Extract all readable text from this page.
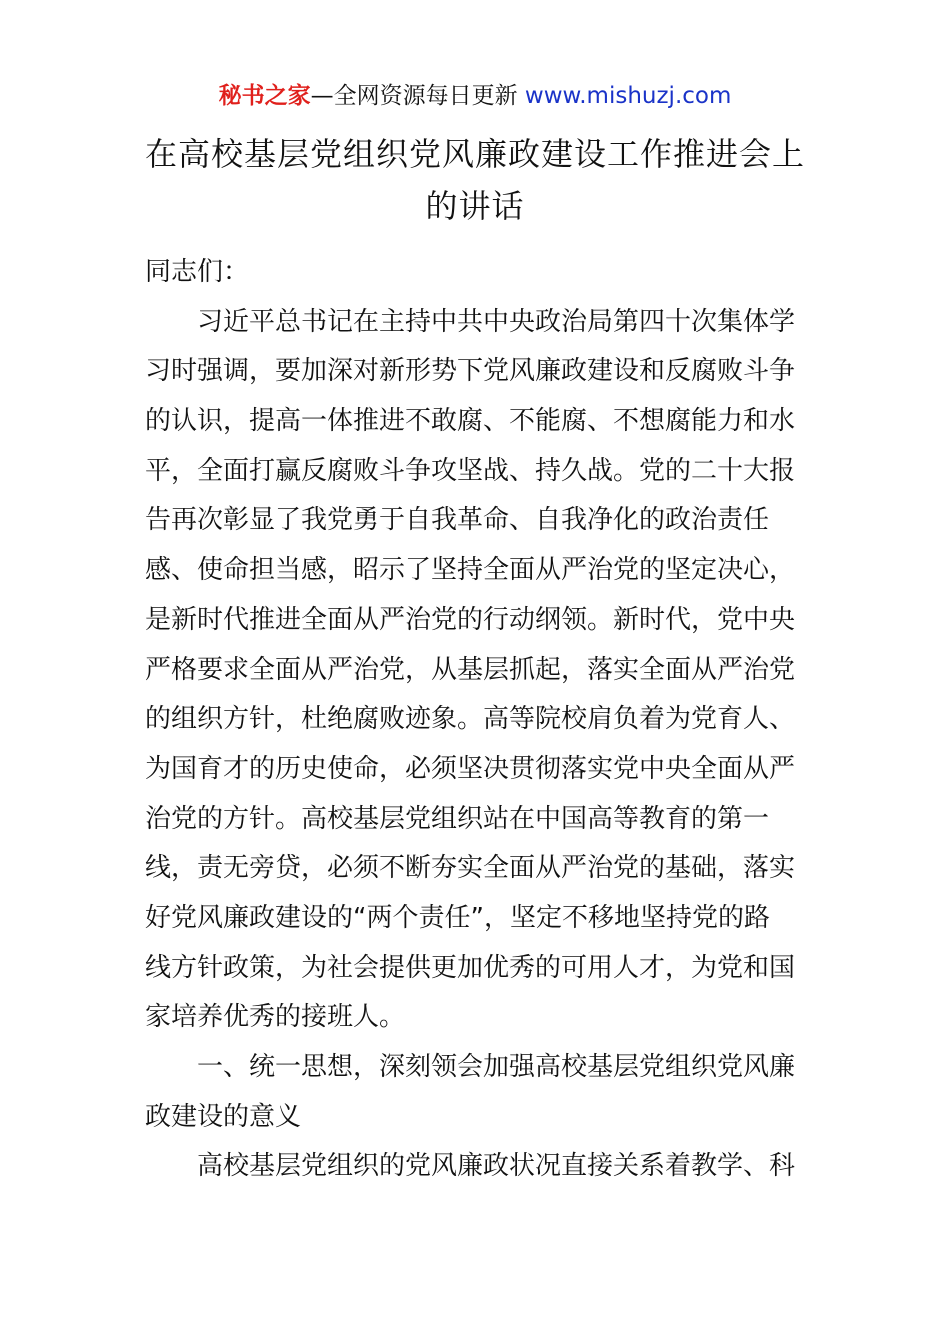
秘书之家—全网资源每日更新 www.mishuzj.com
在高校基层党组织党风廉政建设工作推进会上
的讲话
同志们：
习近平总书记在主持中共中央政治局第四十次集体学
习时强调，要加深对新形势下党风廉政建设和反腐败斗争
的认识，提高一体推进不敢腐、不能腐、不想腐能力和水
平，全面打赢反腐败斗争攻坚战、持久战。党的二十大报
告再次彰显了我党勇于自我革命、自我净化的政治责任
感、使命担当感，昭示了坚持全面从严治党的坚定决心，
是新时代推进全面从严治党的行动纲领。新时代，党中央
严格要求全面从严治党，从基层抓起，落实全面从严治党
的组织方针，杜绝腐败迹象。高等院校肩负着为党育人、
为国育才的历史使命，必须坚决贯彻落实党中央全面从严
治党的方针。高校基层党组织站在中国高等教育的第一
线，责无旁贷，必须不断夯实全面从严治党的基础，落实
好党风廉政建设的“两个责任”，坚定不移地坚持党的路
线方针政策，为社会提供更加优秀的可用人才，为党和国
家培养优秀的接班人。
一、统一思想，深刻领会加强高校基层党组织党风廉
政建设的意义
高校基层党组织的党风廉政状况直接关系着教学、科
